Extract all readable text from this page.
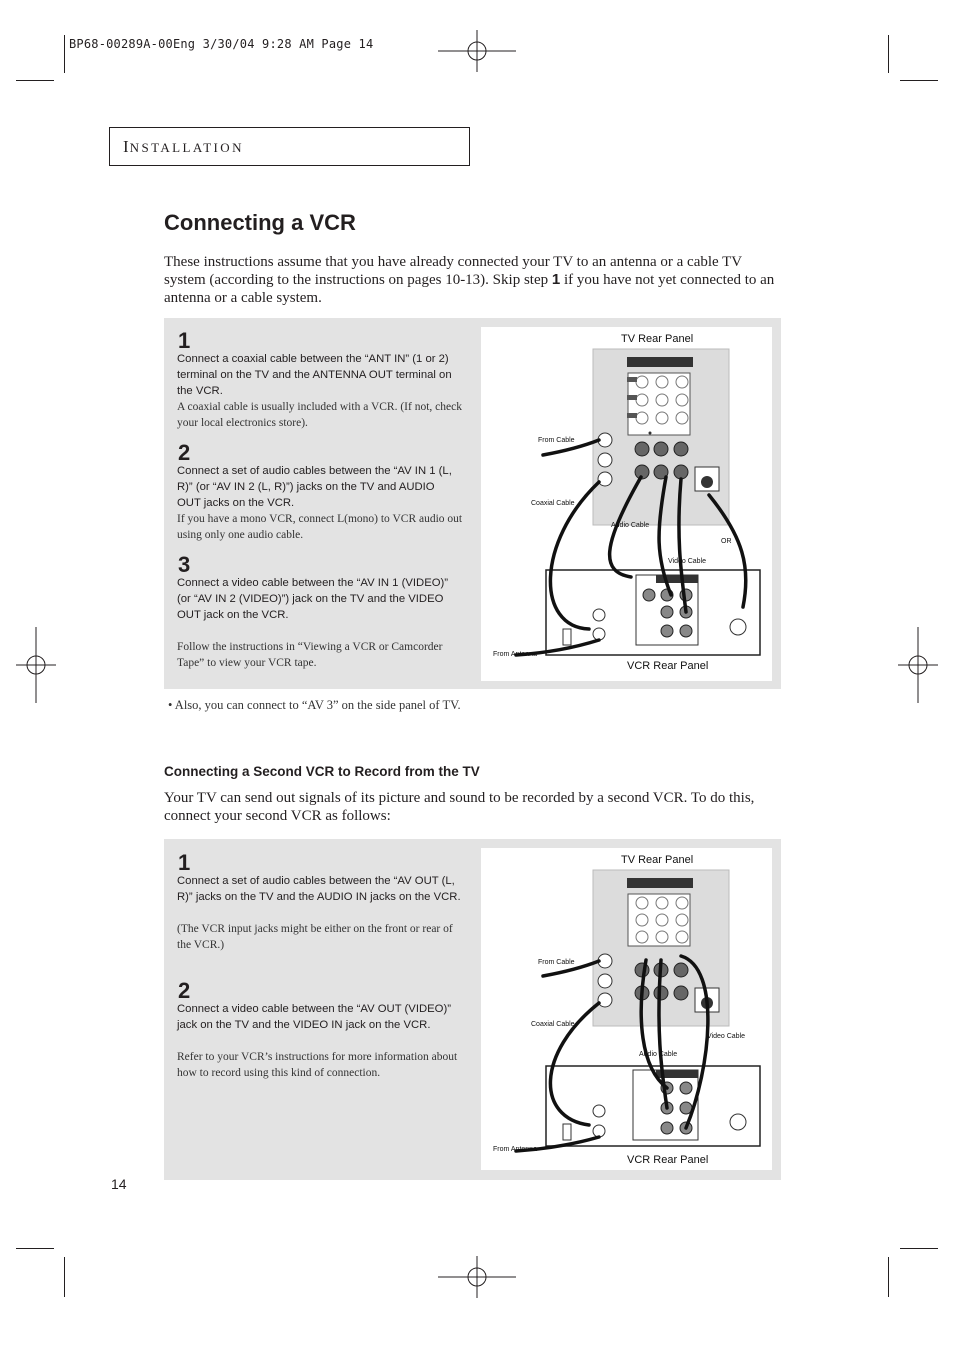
BP68-00289A-00Eng 3/30/04 9:28 AM Page 14
INSTALLATION
Connecting a VCR
These instructions assume that you have already connected your TV to an antenna or a cable TV system (according to the instructions on pages 10-13). Skip step 1 if you have not yet connected to an antenna or a cable system.
1
Connect a coaxial cable between the “ANT IN” (1 or 2) terminal on the TV and the ANTENNA OUT terminal on the VCR.
A coaxial cable is usually included with a VCR. (If not, check your local electronics store).
2
Connect a set of audio cables between the “AV IN 1 (L, R)” (or “AV IN 2 (L, R)”) jacks on the TV and AUDIO OUT jacks on the VCR.
If you have a mono VCR, connect L(mono) to VCR audio out using only one audio cable.
3
Connect a video cable between the “AV IN 1 (VIDEO)” (or “AV IN 2 (VIDEO)”) jack on the TV and the VIDEO OUT jack on the VCR.
Follow the instructions in “Viewing a VCR or Camcorder Tape” to view your VCR tape.
TV Rear Panel
VCR Rear Panel
From Cable
Coaxial Cable
Audio Cable
Video Cable
OR
From Antenna
• Also, you can connect to “AV 3” on the side panel of TV.
Connecting a Second VCR to Record from the TV
Your TV can send out signals of its picture and sound to be recorded by a second VCR. To do this, connect your second VCR as follows:
1
Connect a set of audio cables between the “AV OUT (L, R)” jacks on the TV and the AUDIO IN jacks on the VCR.
(The VCR input jacks might be either on the front or rear of the VCR.)
2
Connect a video cable between the “AV OUT (VIDEO)” jack on the TV and the VIDEO IN jack on the VCR.
Refer to your VCR’s instructions for more information about how to record using this kind of connection.
TV Rear Panel
VCR Rear Panel
From Cable
Coaxial Cable
Audio Cable
Video Cable
From Antenna
14
